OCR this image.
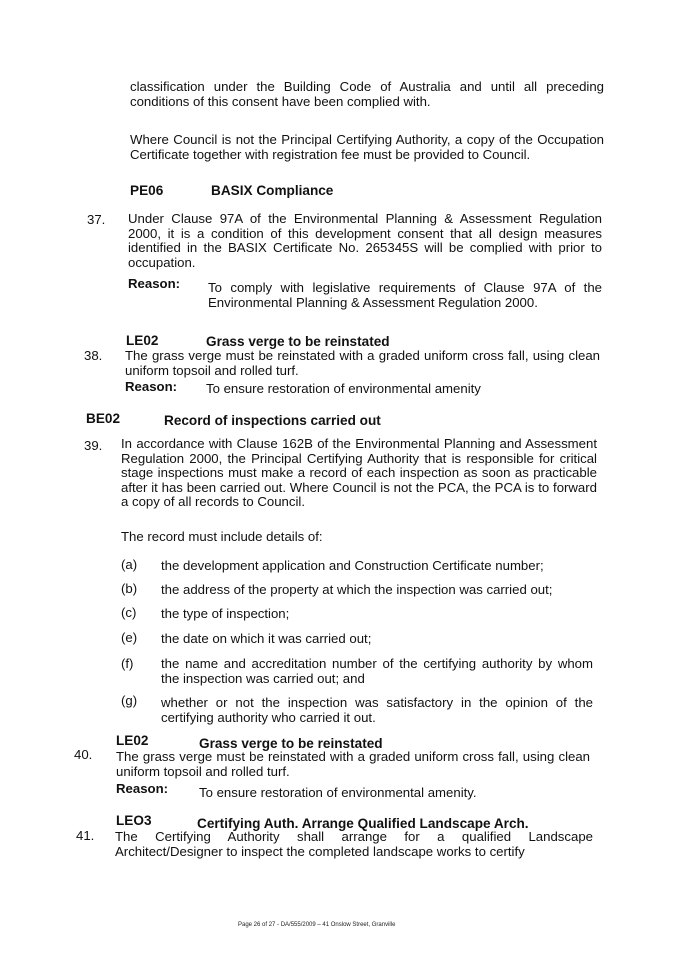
classification under the Building Code of Australia and until all preceding conditions of this consent have been complied with.

Where Council is not the Principal Certifying Authority, a copy of the Occupation Certificate together with registration fee must be provided to Council.

PE06	BASIX Compliance
37. Under Clause 97A of the Environmental Planning & Assessment Regulation 2000, it is a condition of this development consent that all design measures identified in the BASIX Certificate No. 265345S will be complied with prior to occupation.

Reason: To comply with legislative requirements of Clause 97A of the Environmental Planning & Assessment Regulation 2000.

LE02	Grass verge to be reinstated
38. The grass verge must be reinstated with a graded uniform cross fall, using clean uniform topsoil and rolled turf.

Reason: To ensure restoration of environmental amenity

BE02	Record of inspections carried out
39. In accordance with Clause 162B of the Environmental Planning and Assessment Regulation 2000, the Principal Certifying Authority that is responsible for critical stage inspections must make a record of each inspection as soon as practicable after it has been carried out. Where Council is not the PCA, the PCA is to forward a copy of all records to Council.

The record must include details of:

(a) the development application and Construction Certificate number;

(b) the address of the property at which the inspection was carried out;

(c) the type of inspection;

(e) the date on which it was carried out;

(f) the name and accreditation number of the certifying authority by whom the inspection was carried out; and

(g) whether or not the inspection was satisfactory in the opinion of the certifying authority who carried it out.

LE02	Grass verge to be reinstated
40. The grass verge must be reinstated with a graded uniform cross fall, using clean uniform topsoil and rolled turf.

Reason: To ensure restoration of environmental amenity.

LEO3	Certifying Auth. Arrange Qualified Landscape Arch.
41. The Certifying Authority shall arrange for a qualified Landscape Architect/Designer to inspect the completed landscape works to certify

Page 26 of 27 - DA/555/2009 – 41 Onslow Street, Granville
